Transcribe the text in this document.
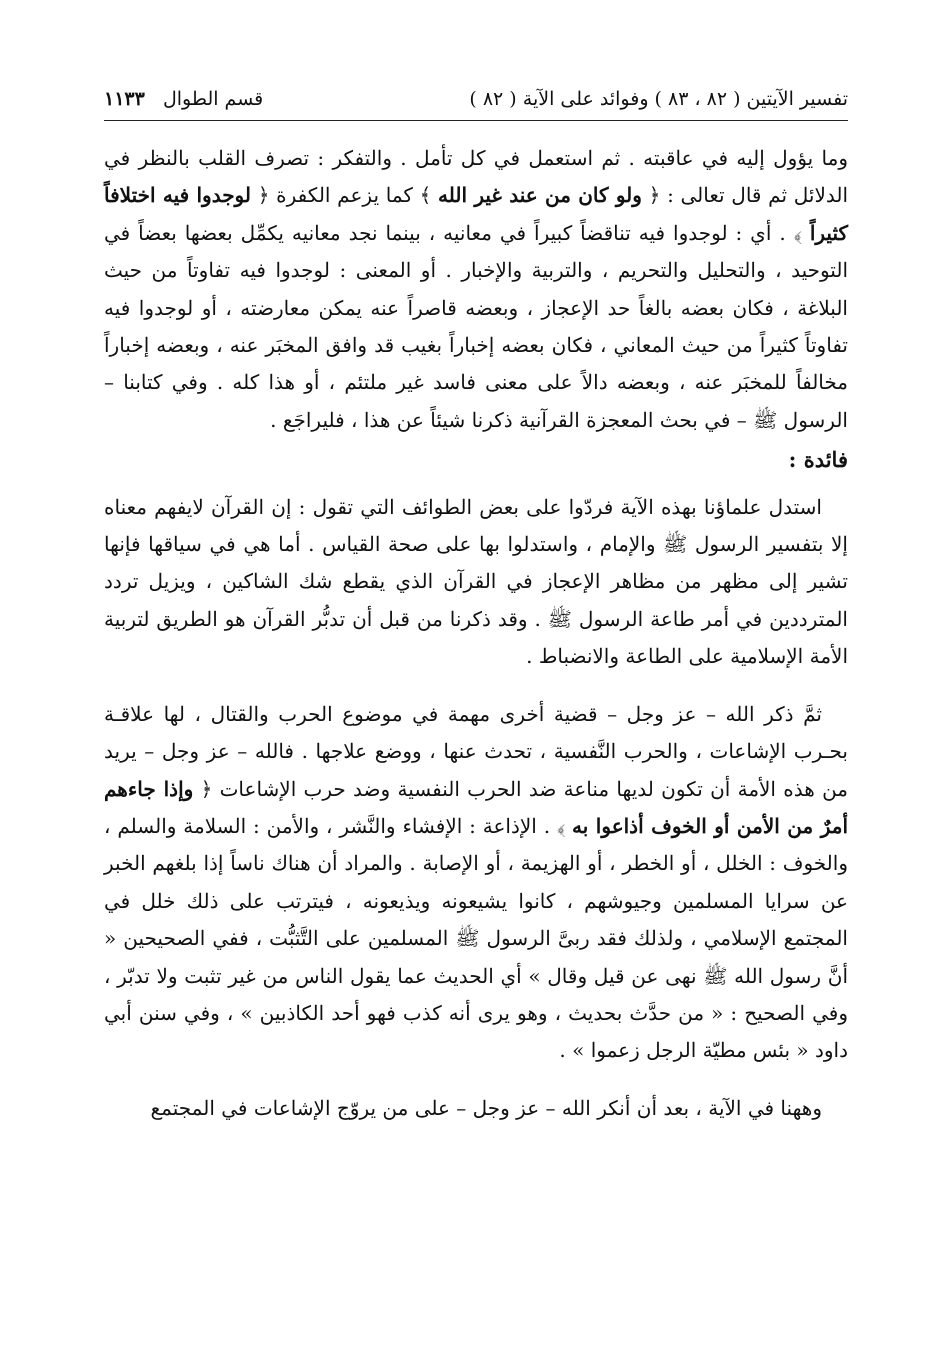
تفسير الآيتين ( ٨٢ ، ٨٣ ) وفوائد على الآية ( ٨٢ )
قسم الطوال   ١١٣٣

وما يؤول إليه في عاقبته . ثم استعمل في كل تأمل . والتفكر : تصرف القلب بالنظر في الدلائل ثم قال تعالى : ﴿ ولو كان من عند غير الله ﴾ كما يزعم الكفرة ﴿ لوجدوا فيه اختلافاً كثيراً ﴾ . أي : لوجدوا فيه تناقضاً كبيراً في معانيه ، بينما نجد معانيه يكمِّل بعضها بعضاً في التوحيد ، والتحليل والتحريم ، والتربية والإخبار . أو المعنى : لوجدوا فيه تفاوتاً من حيث البلاغة ، فكان بعضه بالغاً حد الإعجاز ، وبعضه قاصراً عنه يمكن معارضته ، أو لوجدوا فيه تفاوتاً كثيراً من حيث المعاني ، فكان بعضه إخباراً بغيب قد وافق المخبَر عنه ، وبعضه إخباراً مخالفاً للمخبَر عنه ، وبعضه دالاً على معنى فاسد غير ملتئم ، أو هذا كله . وفي كتابنا – الرسول ﷺ – في بحث المعجزة القرآنية ذكرنا شيئاً عن هذا ، فليراجَع .

فائدة :

استدل علماؤنا بهذه الآية فردّوا على بعض الطوائف التي تقول : إن القرآن لايفهم معناه إلا بتفسير الرسول ﷺ والإمام ، واستدلوا بها على صحة القياس . أما هي في سياقها فإنها تشير إلى مظهر من مظاهر الإعجاز في القرآن الذي يقطع شك الشاكين ، ويزيل تردد المترددين في أمر طاعة الرسول ﷺ . وقد ذكرنا من قبل أن تدبُّر القرآن هو الطريق لتربية الأمة الإسلامية على الطاعة والانضباط .

ثمَّ ذكر الله – عز وجل – قضية أخرى مهمة في موضوع الحرب والقتال ، لها علاقـة بحـرب الإشاعات ، والحرب النَّفسية ، تحدث عنها ، ووضع علاجها . فالله – عز وجل – يريد من هذه الأمة أن تكون لديها مناعة ضد الحرب النفسية وضد حرب الإشاعات ﴿ وإذا جاءهم أمرٌ من الأمن أو الخوف أذاعوا به ﴾ . الإذاعة : الإفشاء والنَّشر ، والأمن : السلامة والسلم ، والخوف : الخلل ، أو الخطر ، أو الهزيمة ، أو الإصابة . والمراد أن هناك ناساً إذا بلغهم الخبر عن سرايا المسلمين وجيوشهم ، كانوا يشيعونه ويذيعونه ، فيترتب على ذلك خلل في المجتمع الإسلامي ، ولذلك فقد ربىَّ الرسول ﷺ المسلمين على التَّثبُّت ، ففي الصحيحين « أنَّ رسول الله ﷺ نهى عن قيل وقال » أي الحديث عما يقول الناس من غير تثبت ولا تدبّر ، وفي الصحيح : « من حدَّث بحديث ، وهو يرى أنه كذب فهو أحد الكاذبين » ، وفي سنن أبي داود « بئس مطيّة الرجل زعموا » .

وههنا في الآية ، بعد أن أنكر الله – عز وجل – على من يروّج الإشاعات في المجتمع
